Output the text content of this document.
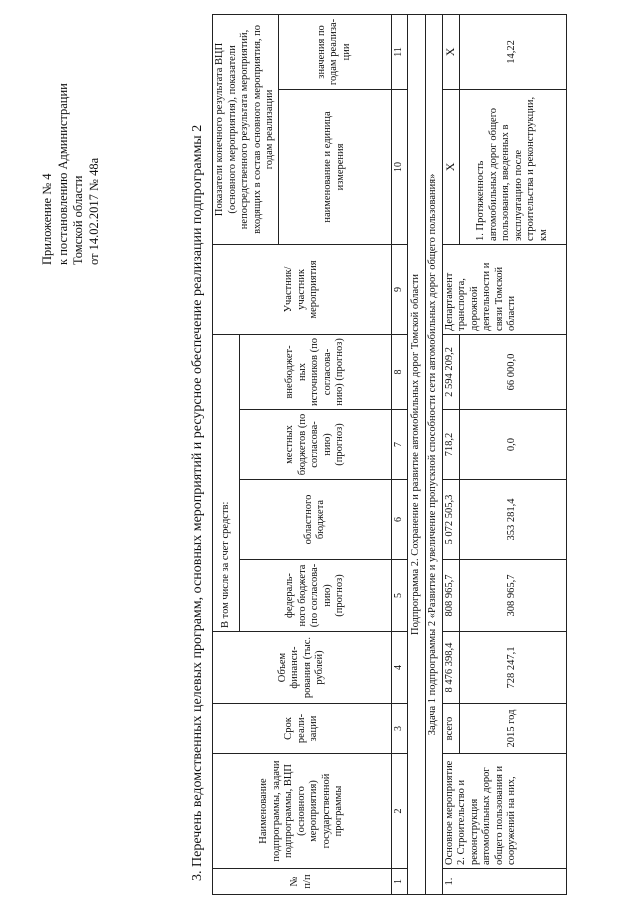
Приложение № 4 к постановлению Администрации Томской области от 14.02.2017 № 48а	3. Перечень ведомственных целевых программ, основных мероприятий и ресурсное обеспечение реализации подпрограммы 2
№ п/п	Наименование подпрограммы, задачи подпрограммы, ВЦП (основного мероприятия) государственной программы	Срок реали-зации	Объем финанси-рования (тыс. рублей)	В том числе за счет средств:				Участник/ участник мероприятия	Показатели конечного результата ВЦП (основного мероприятия), показатели непосредственного результата мероприятий, входящих в состав основного мероприятия, по годам реализации	
				федераль-ного бюджета (по согласова-нию) (прогноз)	областного бюджета	местных бюджетов (по согласова-нию) (прогноз)	внебюджет-ных источников (по согласова-нию) (прогноз)			
									наименование и единица измерения	значения по годам реализа-ции
1	2	3	4	5	6	7	8	9	10	11
Подпрограмма 2. Сохранение и развитие автомобильных дорог Томской области										
Задача 1 подпрограммы 2 «Развитие и увеличение пропускной способности сети автомобильных дорог общего пользования»										
1.	Основное мероприятие 2. Строительство и реконструкция автомобильных дорог общего пользования и сооружений на них,	всего	8 476 398,4	808 965,7	5 072 505,3	718,2	2 594 209,2	Департамент транспорта, дорожной деятельности и связи Томской области	X	X
		2015 год	728 247,1	308 965,7	353 281,4	0,0	66 000,0		1. Протяженность автомобильных дорог общего пользования, введенных в эксплуатацию после строительства и реконструкции, км	14,22
